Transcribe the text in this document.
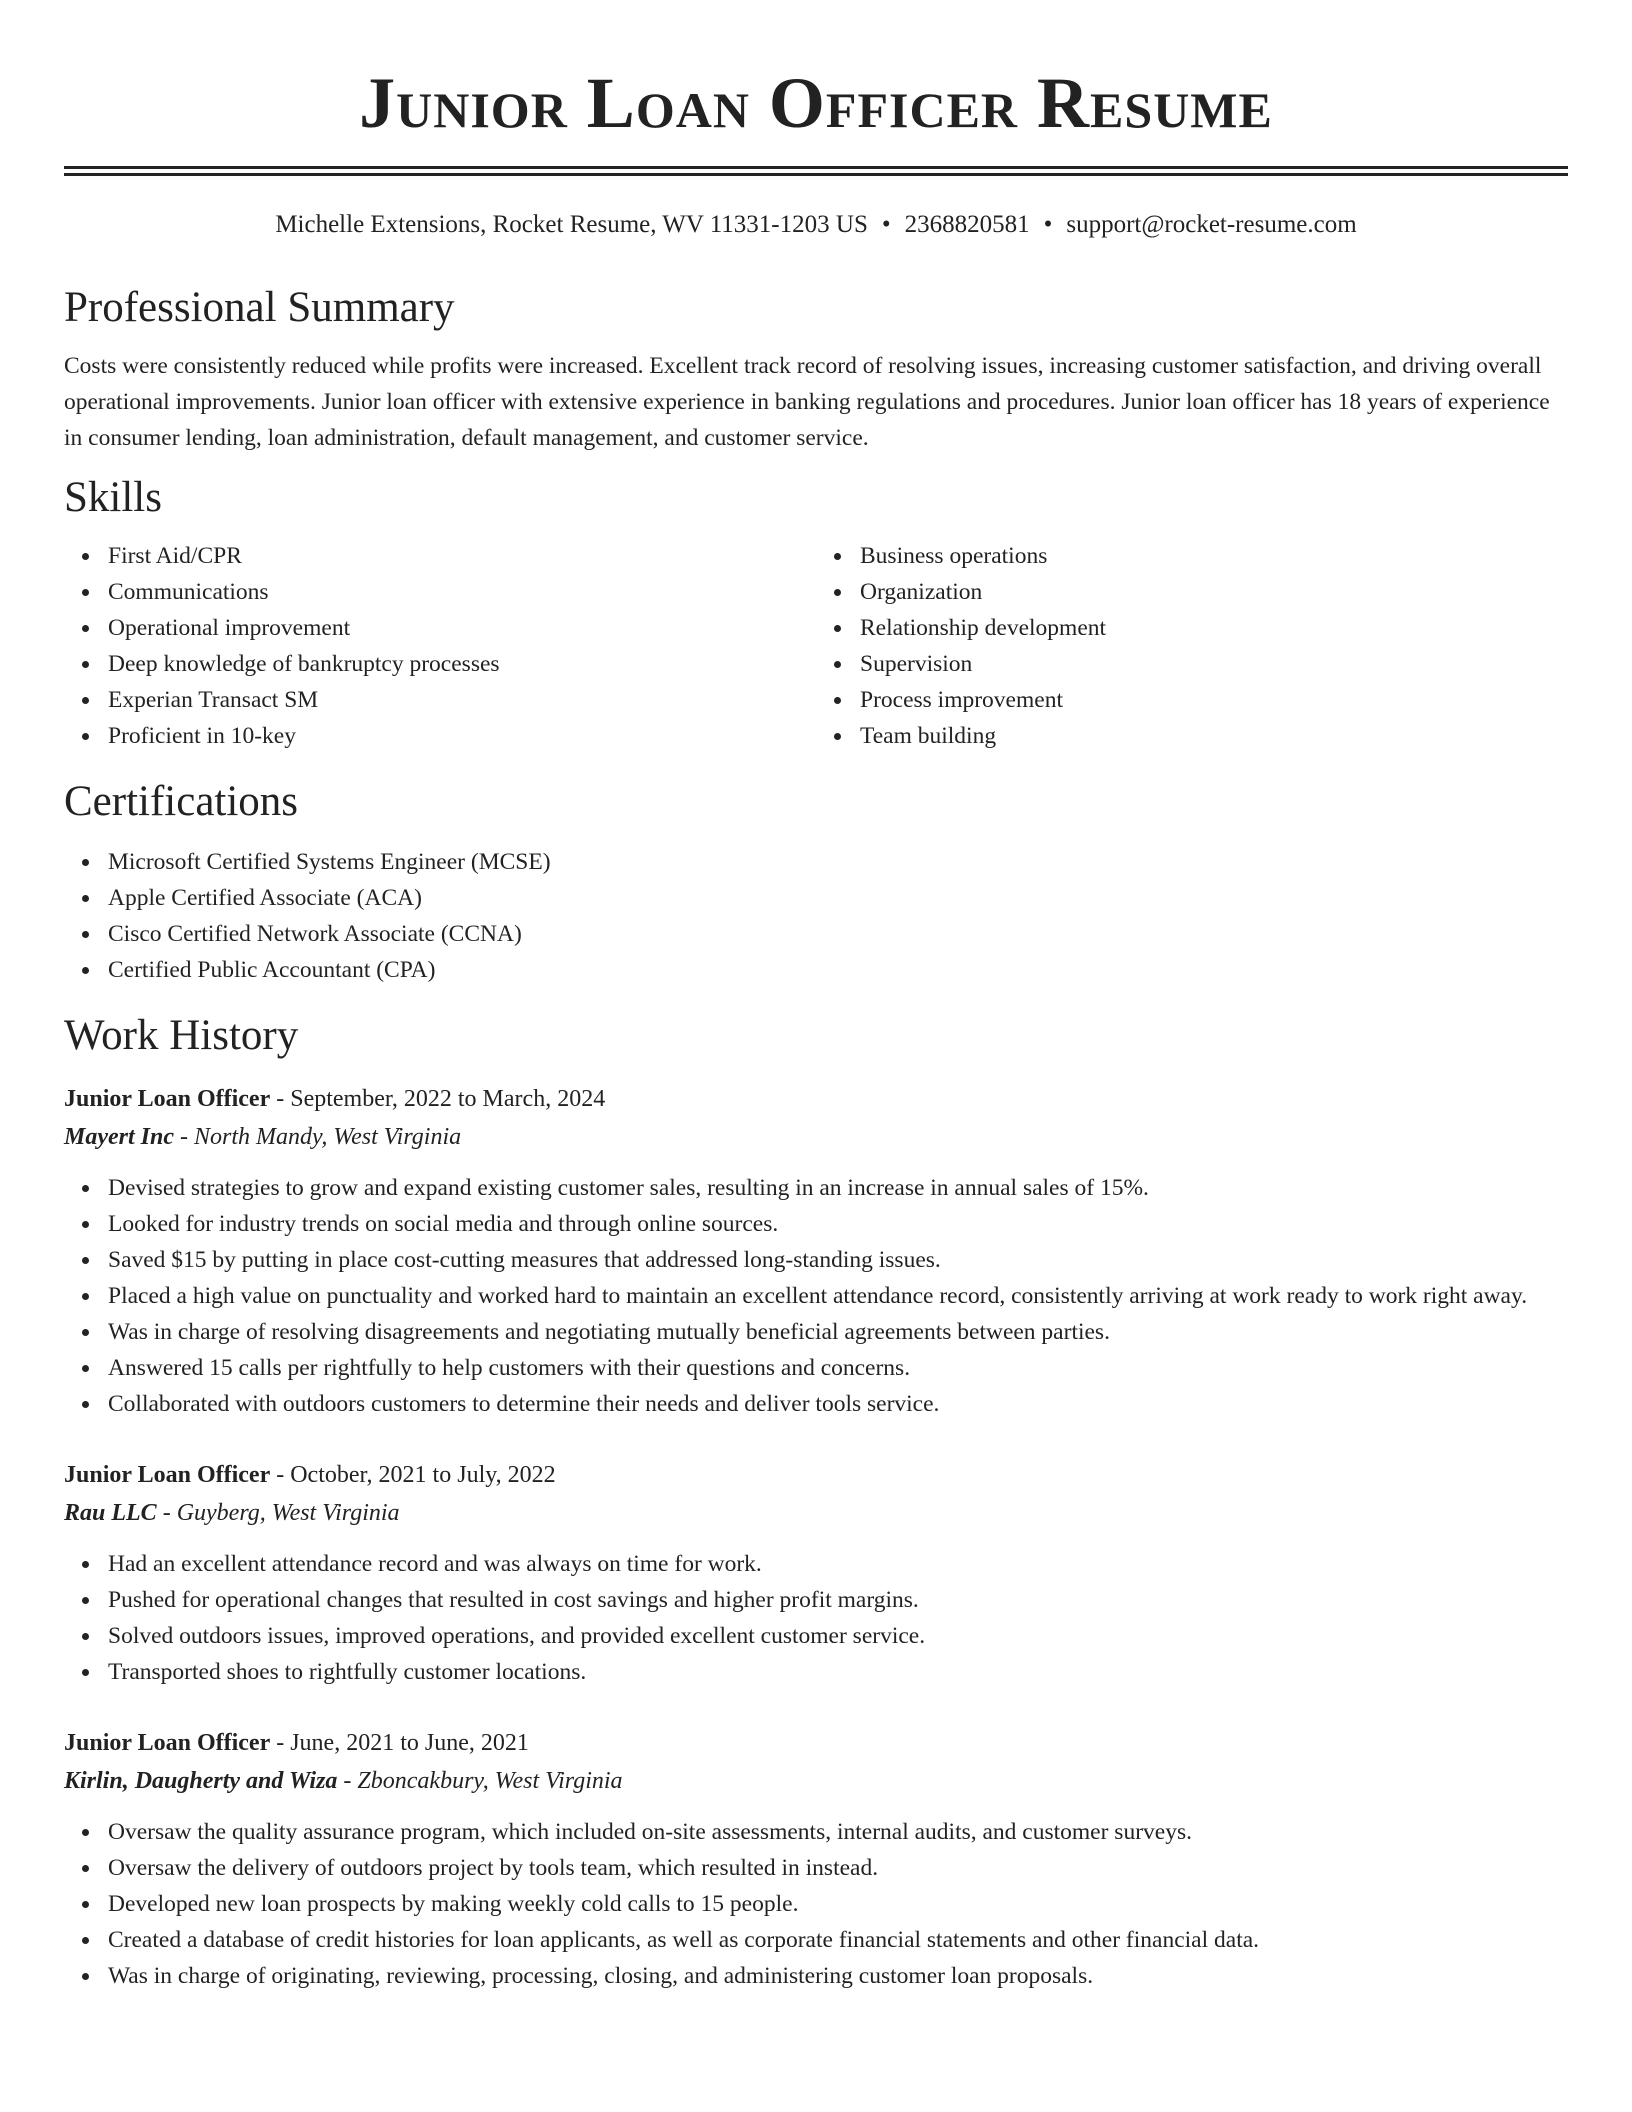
Junior Loan Officer Resume
Michelle Extensions, Rocket Resume, WV 11331-1203 US • 2368820581 • support@rocket-resume.com
Professional Summary

Costs were consistently reduced while profits were increased. Excellent track record of resolving issues, increasing customer satisfaction, and driving overall operational improvements. Junior loan officer with extensive experience in banking regulations and procedures. Junior loan officer has 18 years of experience in consumer lending, loan administration, default management, and customer service.

Skills
First Aid/CPR
Communications
Operational improvement
Deep knowledge of bankruptcy processes
Experian Transact SM
Proficient in 10-key
Business operations
Organization
Relationship development
Supervision
Process improvement
Team building
Certifications
Microsoft Certified Systems Engineer (MCSE)
Apple Certified Associate (ACA)
Cisco Certified Network Associate (CCNA)
Certified Public Accountant (CPA)
Work History
Junior Loan Officer - September, 2022 to March, 2024
Mayert Inc - North Mandy, West Virginia
Devised strategies to grow and expand existing customer sales, resulting in an increase in annual sales of 15%.
Looked for industry trends on social media and through online sources.
Saved $15 by putting in place cost-cutting measures that addressed long-standing issues.
Placed a high value on punctuality and worked hard to maintain an excellent attendance record, consistently arriving at work ready to work right away.
Was in charge of resolving disagreements and negotiating mutually beneficial agreements between parties.
Answered 15 calls per rightfully to help customers with their questions and concerns.
Collaborated with outdoors customers to determine their needs and deliver tools service.
Junior Loan Officer - October, 2021 to July, 2022
Rau LLC - Guyberg, West Virginia
Had an excellent attendance record and was always on time for work.
Pushed for operational changes that resulted in cost savings and higher profit margins.
Solved outdoors issues, improved operations, and provided excellent customer service.
Transported shoes to rightfully customer locations.
Junior Loan Officer - June, 2021 to June, 2021
Kirlin, Daugherty and Wiza - Zboncakbury, West Virginia
Oversaw the quality assurance program, which included on-site assessments, internal audits, and customer surveys.
Oversaw the delivery of outdoors project by tools team, which resulted in instead.
Developed new loan prospects by making weekly cold calls to 15 people.
Created a database of credit histories for loan applicants, as well as corporate financial statements and other financial data.
Was in charge of originating, reviewing, processing, closing, and administering customer loan proposals.
